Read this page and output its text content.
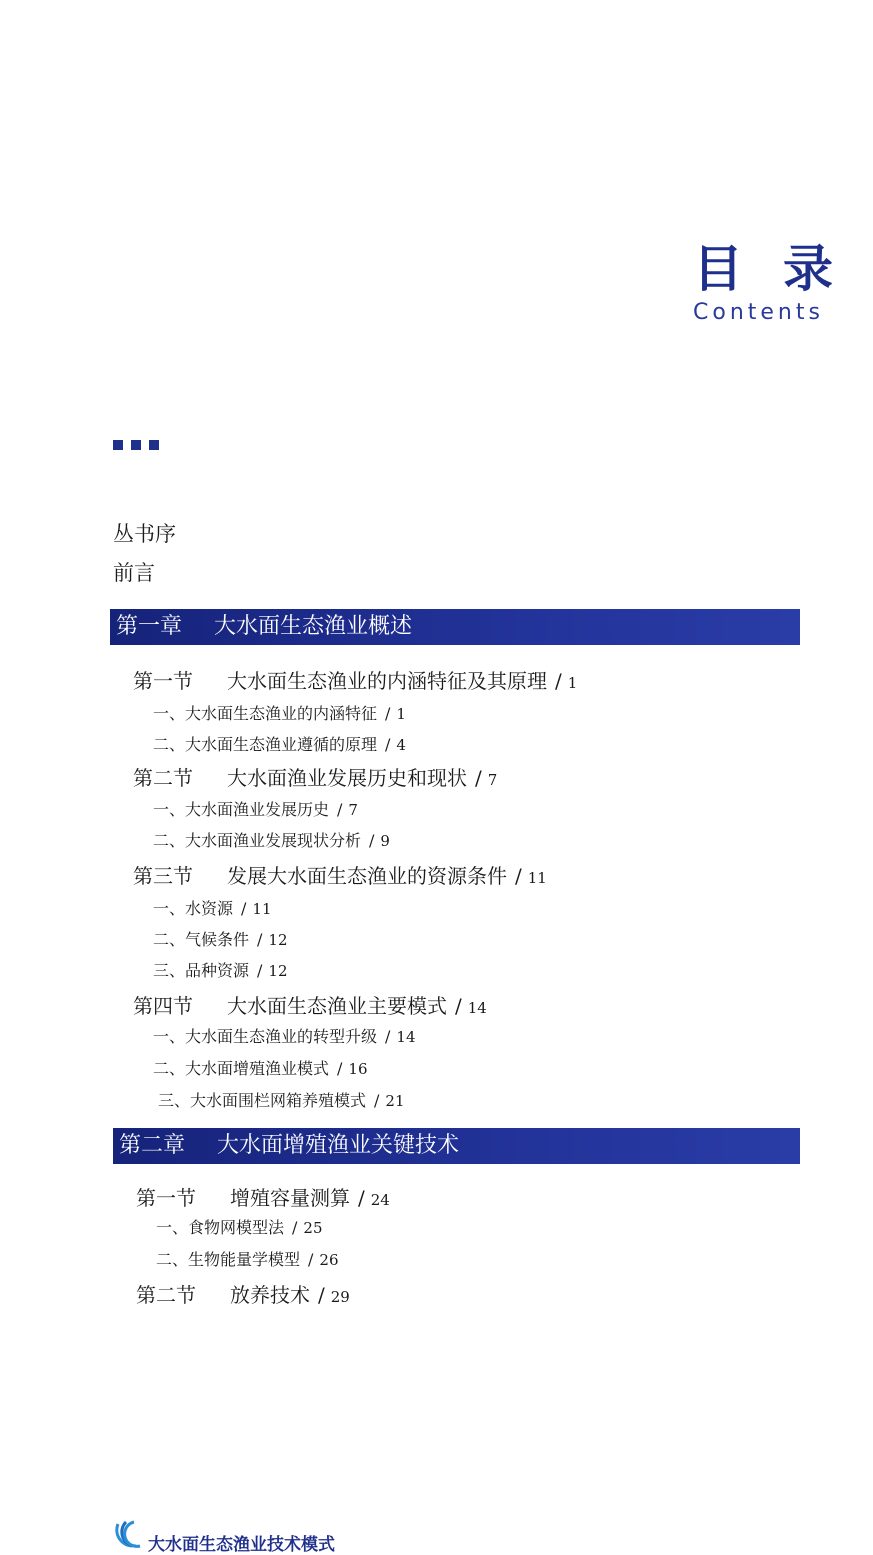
目录
Contents
丛书序
前言
第一章 大水面生态渔业概述
第一节 大水面生态渔业的内涵特征及其原理 / 1
一、大水面生态渔业的内涵特征 / 1
二、大水面生态渔业遵循的原理 / 4
第二节 大水面渔业发展历史和现状 / 7
一、大水面渔业发展历史 / 7
二、大水面渔业发展现状分析 / 9
第三节 发展大水面生态渔业的资源条件 / 11
一、水资源 / 11
二、气候条件 / 12
三、品种资源 / 12
第四节 大水面生态渔业主要模式 / 14
一、大水面生态渔业的转型升级 / 14
二、大水面增殖渔业模式 / 16
三、大水面围栏网箱养殖模式 / 21
第二章 大水面增殖渔业关键技术
第一节 增殖容量测算 / 24
一、食物网模型法 / 25
二、生物能量学模型 / 26
第二节 放养技术 / 29
大水面生态渔业技术模式
